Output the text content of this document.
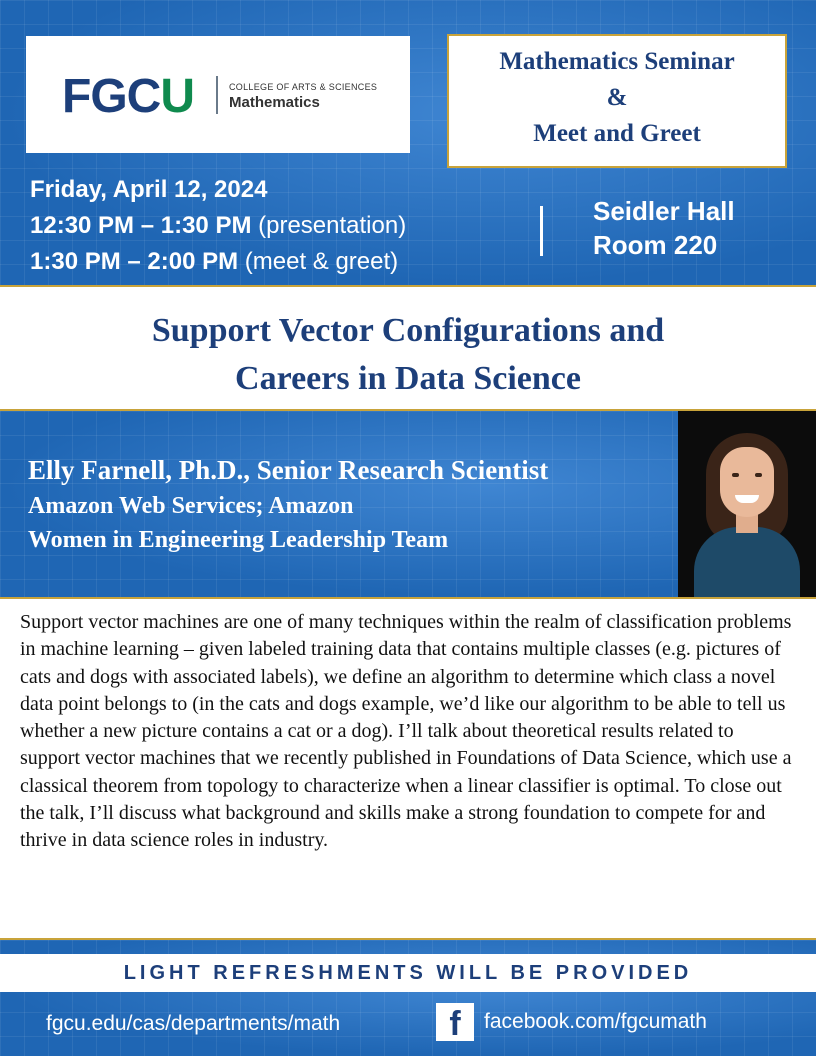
FGCU	COLLEGE OF ARTS & SCIENCES
Mathematics
Mathematics Seminar
&
Meet and Greet
Friday, April 12, 2024
12:30 PM – 1:30 PM (presentation)
1:30 PM – 2:00 PM (meet & greet)
Seidler Hall
Room 220
Support Vector Configurations and
Careers in Data Science
Elly Farnell, Ph.D., Senior Research Scientist
Amazon Web Services; Amazon
Women in Engineering Leadership Team
Support vector machines are one of many techniques within the realm of classification problems in machine learning – given labeled training data that contains multiple classes (e.g. pictures of cats and dogs with associated labels), we define an algorithm to determine which class a novel data point belongs to (in the cats and dogs example, we’d like our algorithm to be able to tell us whether a new picture contains a cat or a dog). I’ll talk about theoretical results related to support vector machines that we recently published in Foundations of Data Science, which use a classical theorem from topology to characterize when a linear classifier is optimal. To close out the talk, I’ll discuss what background and skills make a strong foundation to compete for and thrive in data science roles in industry.
LIGHT REFRESHMENTS WILL BE PROVIDED
fgcu.edu/cas/departments/math	f	facebook.com/fgcumath
